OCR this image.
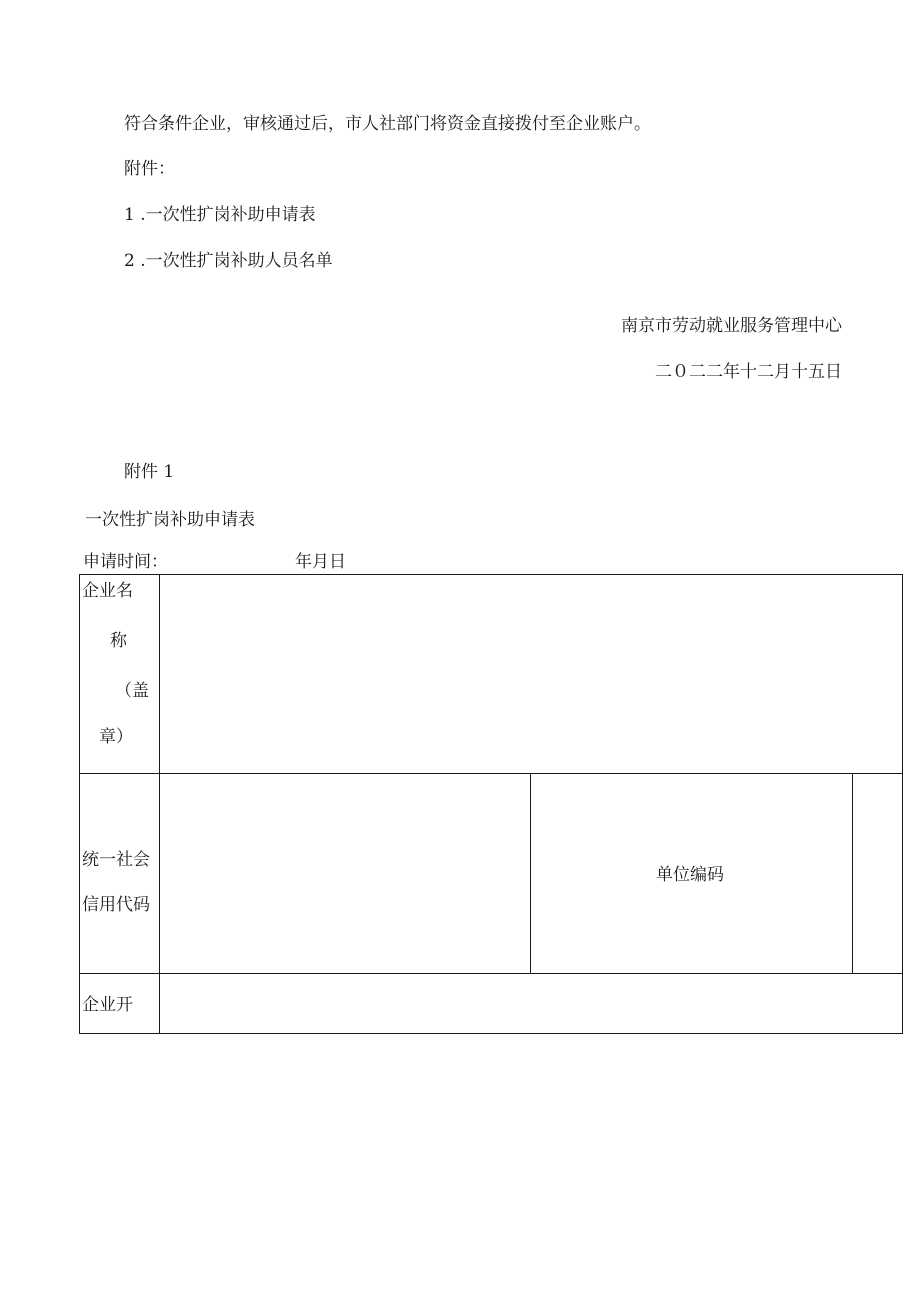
符合条件企业，审核通过后，市人社部门将资金直接拨付至企业账户。
附件：
1 .一次性扩岗补助申请表
2 .一次性扩岗补助人员名单
南京市劳动就业服务管理中心
二０二二年十二月十五日
附件 1
一次性扩岗补助申请表
申请时间：	年月日
企业名
称
（盖
章）
统一社会
信用代码
单位编码
企业开
